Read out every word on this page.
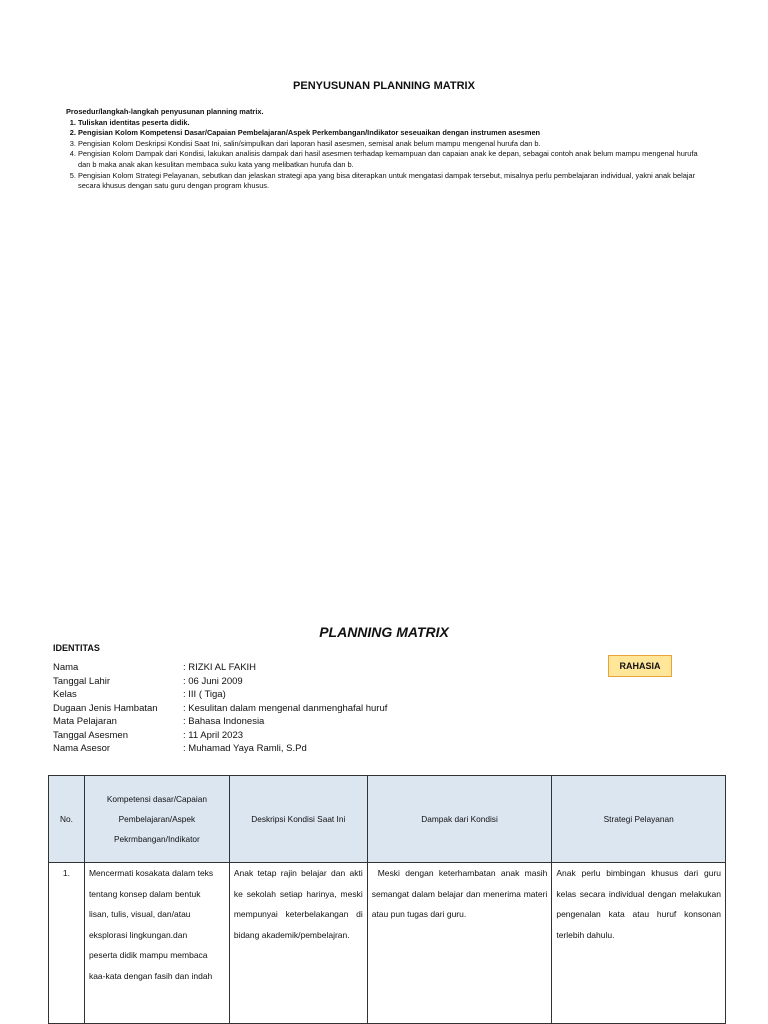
PENYUSUNAN PLANNING MATRIX
Prosedur/langkah-langkah penyusunan planning matrix.
1. Tuliskan identitas peserta didik.
2. Pengisian Kolom Kompetensi Dasar/Capaian Pembelajaran/Aspek Perkembangan/Indikator seseuaikan dengan instrumen asesmen
3. Pengisian Kolom Deskripsi Kondisi Saat Ini, salin/simpulkan dari laporan hasil asesmen, semisal anak belum mampu mengenal hurufa dan b.
4. Pengisian Kolom Dampak dari Kondisi, lakukan analisis dampak dari hasil asesmen terhadap kemampuan dan capaian anak ke depan, sebagai contoh anak belum mampu mengenal hurufa dan b maka anak akan kesulitan membaca suku kata yang melibatkan hurufa dan b.
5. Pengisian Kolom Strategi Pelayanan, sebutkan dan jelaskan strategi apa yang bisa diterapkan untuk mengatasi dampak tersebut, misalnya perlu pembelajaran individual, yakni anak belajar secara khusus dengan satu guru dengan program khusus.
PLANNING MATRIX
IDENTITAS
RAHASIA
Nama	: RIZKI AL FAKIH
Tanggal Lahir	: 06 Juni 2009
Kelas	: III ( Tiga)
Dugaan Jenis Hambatan	: Kesulitan dalam mengenal danmenghafal huruf
Mata Pelajaran	: Bahasa Indonesia
Tanggal Asesmen	: 11 April 2023
Nama Asesor	: Muhamad Yaya Ramli, S.Pd
No.	Kompetensi dasar/Capaian Pembelajaran/Aspek Pekrmbangan/Indikator	Deskripsi Kondisi Saat Ini	Dampak dari Kondisi	Strategi Pelayanan
1.	Mencermati kosakata dalam teks tentang konsep dalam bentuk lisan, tulis, visual, dan/atau eksplorasi lingkungan.dan peserta didik mampu membaca kaa-kata dengan fasih dan indah	Anak tetap rajin belajar dan akti ke sekolah setiap harinya, meski mempunyai keterbelakangan di bidang akademik/pembelajran.	Meski dengan keterhambatan anak masih semangat dalam belajar dan menerima materi atau pun tugas dari guru.	Anak perlu bimbingan khusus dari guru kelas secara individual dengan melakukan pengenalan kata atau huruf konsonan terlebih dahulu.
